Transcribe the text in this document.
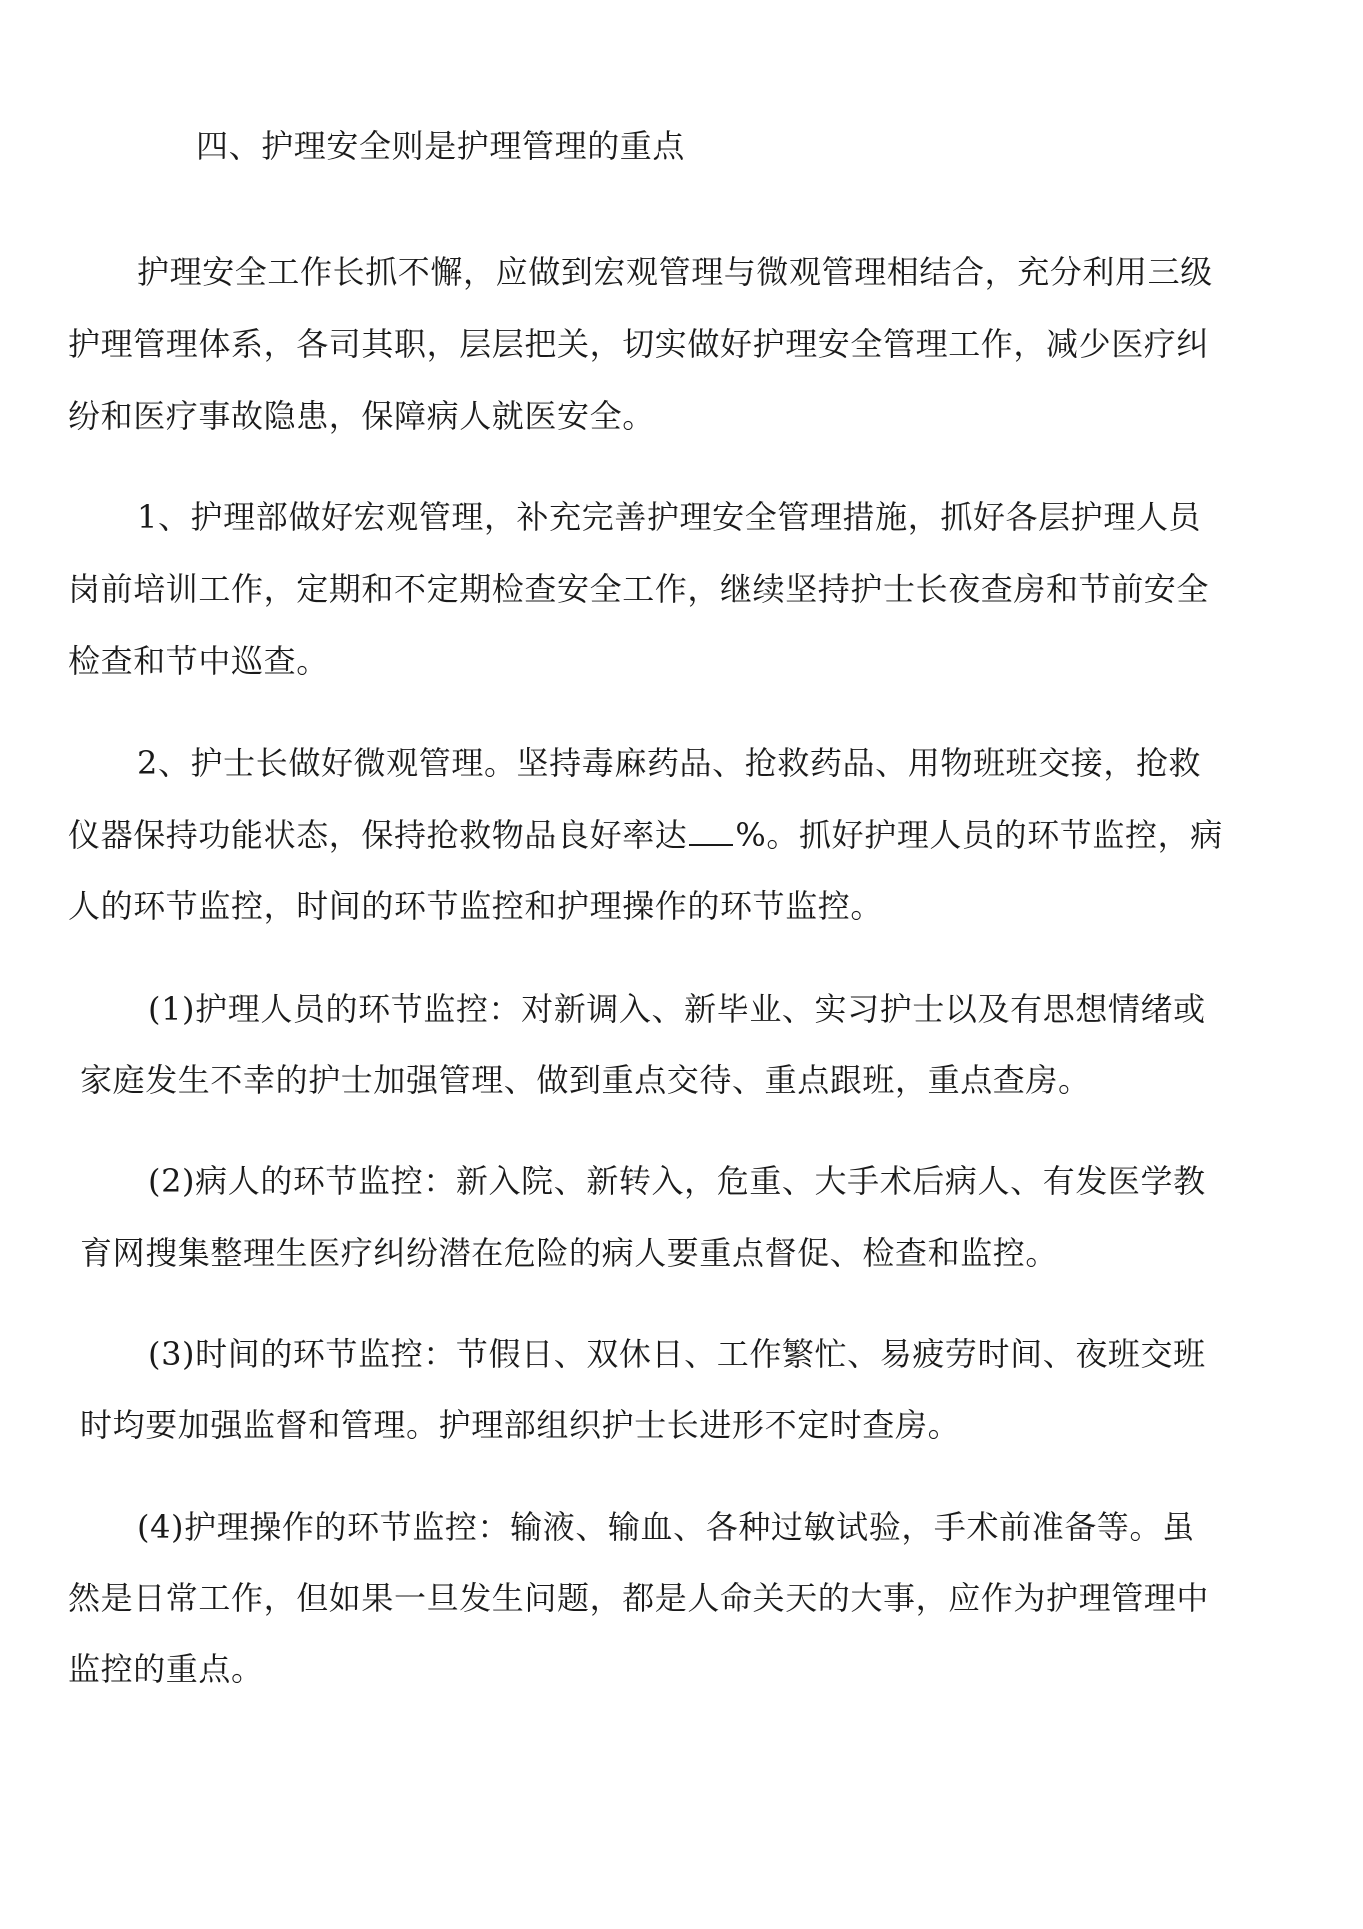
四、护理安全则是护理管理的重点
护理安全工作长抓不懈，应做到宏观管理与微观管理相结合，充分利用三级
护理管理体系，各司其职，层层把关，切实做好护理安全管理工作，减少医疗纠
纷和医疗事故隐患，保障病人就医安全。
1、护理部做好宏观管理，补充完善护理安全管理措施，抓好各层护理人员
岗前培训工作，定期和不定期检查安全工作，继续坚持护士长夜查房和节前安全
检查和节中巡查。
2、护士长做好微观管理。坚持毒麻药品、抢救药品、用物班班交接，抢救
仪器保持功能状态，保持抢救物品良好率达 %。抓好护理人员的环节监控，病
人的环节监控，时间的环节监控和护理操作的环节监控。
(1)护理人员的环节监控：对新调入、新毕业、实习护士以及有思想情绪或
家庭发生不幸的护士加强管理、做到重点交待、重点跟班，重点查房。
(2)病人的环节监控：新入院、新转入，危重、大手术后病人、有发医学教
育网搜集整理生医疗纠纷潜在危险的病人要重点督促、检查和监控。
(3)时间的环节监控：节假日、双休日、工作繁忙、易疲劳时间、夜班交班
时均要加强监督和管理。护理部组织护士长进形不定时查房。
(4)护理操作的环节监控：输液、输血、各种过敏试验，手术前准备等。虽
然是日常工作，但如果一旦发生问题，都是人命关天的大事，应作为护理管理中
监控的重点。
